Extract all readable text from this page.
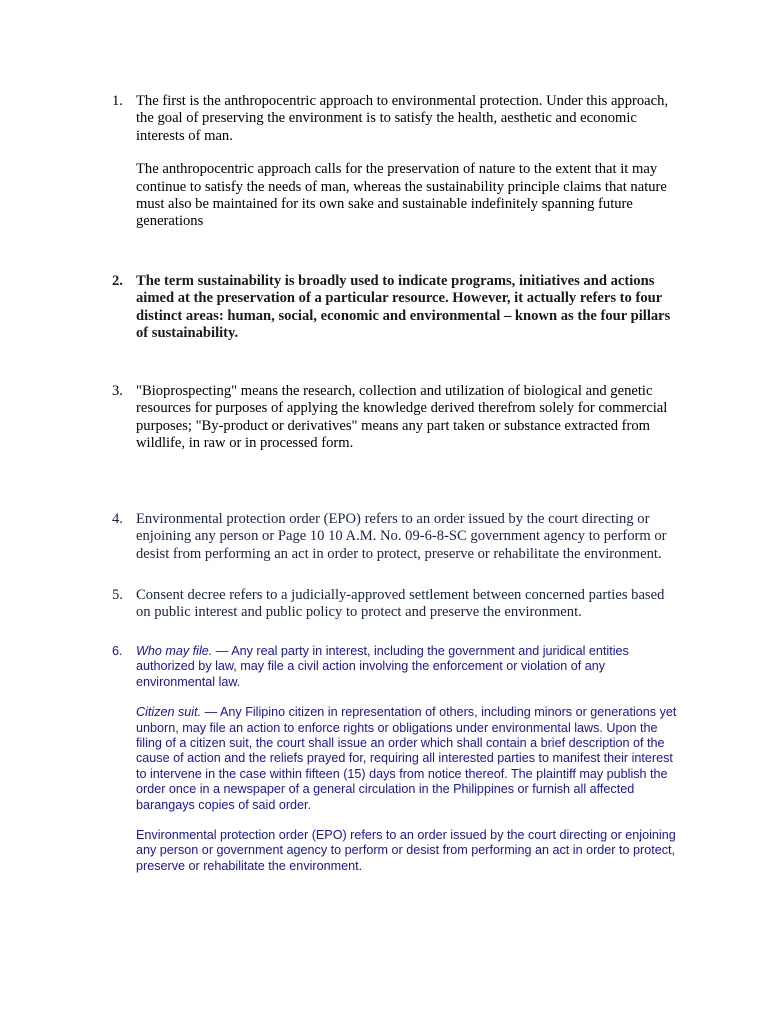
1. The first is the anthropocentric approach to environmental protection. Under this approach, the goal of preserving the environment is to satisfy the health, aesthetic and economic interests of man.

The anthropocentric approach calls for the preservation of nature to the extent that it may continue to satisfy the needs of man, whereas the sustainability principle claims that nature must also be maintained for its own sake and sustainable indefinitely spanning future generations

2. The term sustainability is broadly used to indicate programs, initiatives and actions aimed at the preservation of a particular resource. However, it actually refers to four distinct areas: human, social, economic and environmental – known as the four pillars of sustainability.

3. "Bioprospecting" means the research, collection and utilization of biological and genetic resources for purposes of applying the knowledge derived therefrom solely for commercial purposes; "By-product or derivatives" means any part taken or substance extracted from wildlife, in raw or in processed form.

4. Environmental protection order (EPO) refers to an order issued by the court directing or enjoining any person or Page 10 10 A.M. No. 09-6-8-SC government agency to perform or desist from performing an act in order to protect, preserve or rehabilitate the environment.

5. Consent decree refers to a judicially-approved settlement between concerned parties based on public interest and public policy to protect and preserve the environment.

6.	Who may file. — Any real party in interest, including the government and juridical entities authorized by law, may file a civil action involving the enforcement or violation of any environmental law.

Citizen suit. — Any Filipino citizen in representation of others, including minors or generations yet unborn, may file an action to enforce rights or obligations under environmental laws. Upon the filing of a citizen suit, the court shall issue an order which shall contain a brief description of the cause of action and the reliefs prayed for, requiring all interested parties to manifest their interest to intervene in the case within fifteen (15) days from notice thereof. The plaintiff may publish the order once in a newspaper of a general circulation in the Philippines or furnish all affected barangays copies of said order.

Environmental protection order (EPO) refers to an order issued by the court directing or enjoining any person or government agency to perform or desist from performing an act in order to protect, preserve or rehabilitate the environment.
